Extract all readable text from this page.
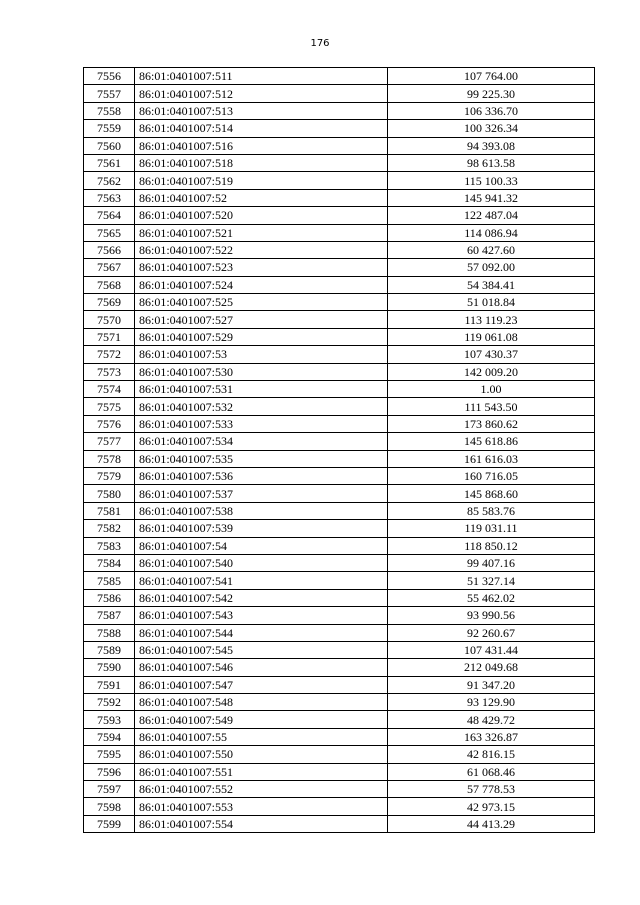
176
7556	86:01:0401007:511	107 764.00
7557	86:01:0401007:512	99 225.30
7558	86:01:0401007:513	106 336.70
7559	86:01:0401007:514	100 326.34
7560	86:01:0401007:516	94 393.08
7561	86:01:0401007:518	98 613.58
7562	86:01:0401007:519	115 100.33
7563	86:01:0401007:52	145 941.32
7564	86:01:0401007:520	122 487.04
7565	86:01:0401007:521	114 086.94
7566	86:01:0401007:522	60 427.60
7567	86:01:0401007:523	57 092.00
7568	86:01:0401007:524	54 384.41
7569	86:01:0401007:525	51 018.84
7570	86:01:0401007:527	113 119.23
7571	86:01:0401007:529	119 061.08
7572	86:01:0401007:53	107 430.37
7573	86:01:0401007:530	142 009.20
7574	86:01:0401007:531	1.00
7575	86:01:0401007:532	111 543.50
7576	86:01:0401007:533	173 860.62
7577	86:01:0401007:534	145 618.86
7578	86:01:0401007:535	161 616.03
7579	86:01:0401007:536	160 716.05
7580	86:01:0401007:537	145 868.60
7581	86:01:0401007:538	85 583.76
7582	86:01:0401007:539	119 031.11
7583	86:01:0401007:54	118 850.12
7584	86:01:0401007:540	99 407.16
7585	86:01:0401007:541	51 327.14
7586	86:01:0401007:542	55 462.02
7587	86:01:0401007:543	93 990.56
7588	86:01:0401007:544	92 260.67
7589	86:01:0401007:545	107 431.44
7590	86:01:0401007:546	212 049.68
7591	86:01:0401007:547	91 347.20
7592	86:01:0401007:548	93 129.90
7593	86:01:0401007:549	48 429.72
7594	86:01:0401007:55	163 326.87
7595	86:01:0401007:550	42 816.15
7596	86:01:0401007:551	61 068.46
7597	86:01:0401007:552	57 778.53
7598	86:01:0401007:553	42 973.15
7599	86:01:0401007:554	44 413.29
